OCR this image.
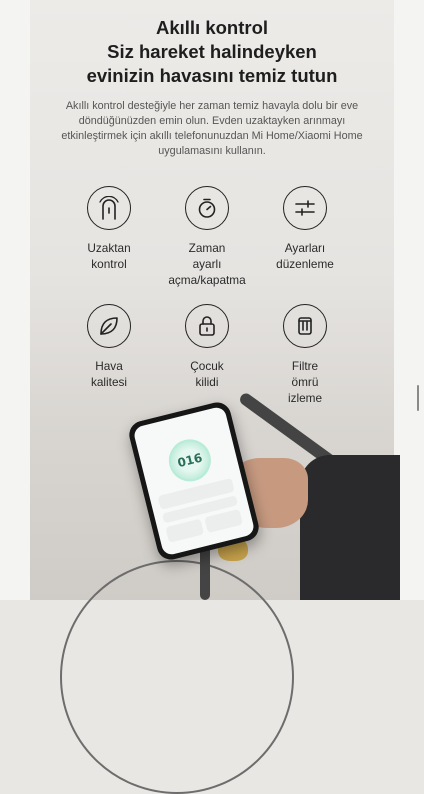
016
Akıllı kontrol
Siz hareket halindeyken
evinizin havasını temiz tutun

Akıllı kontrol desteğiyle her zaman temiz havayla dolu bir eve döndüğünüzden emin olun. Evden uzaktayken arınmayı etkinleştirmek için akıllı telefonunuzdan Mi Home/Xiaomi Home uygulamasını kullanın.

Uzaktan
kontrol
Zaman
ayarlı
açma/kapatma
Ayarları
düzenleme
Hava
kalitesi
Çocuk
kilidi
Filtre
ömrü
izleme
